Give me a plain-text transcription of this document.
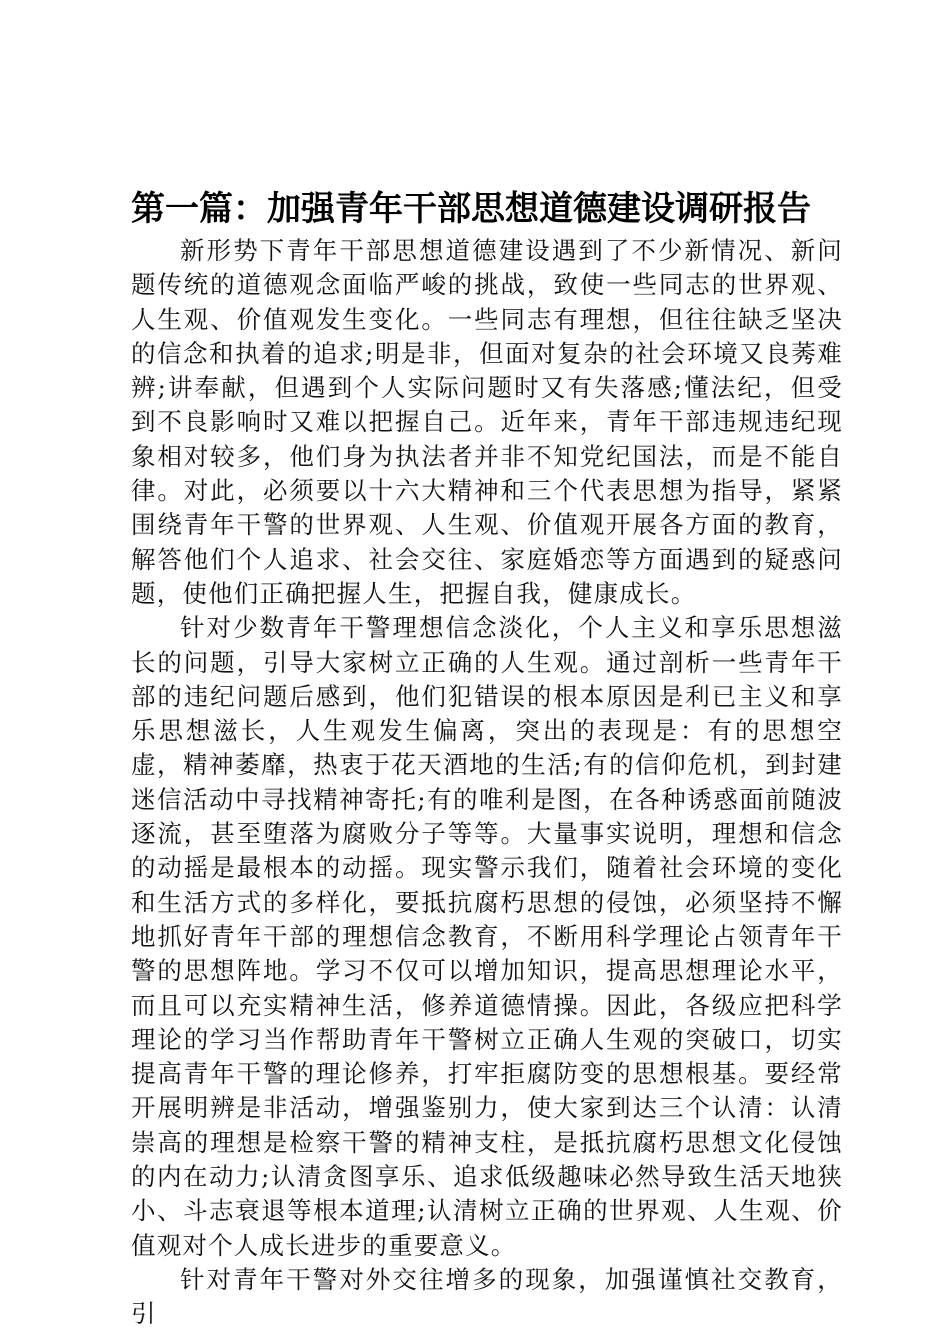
第一篇：加强青年干部思想道德建设调研报告

新形势下青年干部思想道德建设遇到了不少新情况、新问题传统的道德观念面临严峻的挑战，致使一些同志的世界观、人生观、价值观发生变化。一些同志有理想，但往往缺乏坚决的信念和执着的追求;明是非，但面对复杂的社会环境又良莠难辨;讲奉献，但遇到个人实际问题时又有失落感;懂法纪，但受到不良影响时又难以把握自己。近年来，青年干部违规违纪现象相对较多，他们身为执法者并非不知党纪国法，而是不能自律。对此，必须要以十六大精神和三个代表思想为指导，紧紧围绕青年干警的世界观、人生观、价值观开展各方面的教育，解答他们个人追求、社会交往、家庭婚恋等方面遇到的疑惑问题，使他们正确把握人生，把握自我，健康成长。

针对少数青年干警理想信念淡化，个人主义和享乐思想滋长的问题，引导大家树立正确的人生观。通过剖析一些青年干部的违纪问题后感到，他们犯错误的根本原因是利已主义和享乐思想滋长，人生观发生偏离，突出的表现是：有的思想空虚，精神萎靡，热衷于花天酒地的生活;有的信仰危机，到封建迷信活动中寻找精神寄托;有的唯利是图，在各种诱惑面前随波逐流，甚至堕落为腐败分子等等。大量事实说明，理想和信念的动摇是最根本的动摇。现实警示我们，随着社会环境的变化和生活方式的多样化，要抵抗腐朽思想的侵蚀，必须坚持不懈地抓好青年干部的理想信念教育，不断用科学理论占领青年干警的思想阵地。学习不仅可以增加知识，提高思想理论水平，而且可以充实精神生活，修养道德情操。因此，各级应把科学理论的学习当作帮助青年干警树立正确人生观的突破口，切实提高青年干警的理论修养，打牢拒腐防变的思想根基。要经常开展明辨是非活动，增强鉴别力，使大家到达三个认清：认清崇高的理想是检察干警的精神支柱，是抵抗腐朽思想文化侵蚀的内在动力;认清贪图享乐、追求低级趣味必然导致生活天地狭小、斗志衰退等根本道理;认清树立正确的世界观、人生观、价值观对个人成长进步的重要意义。

针对青年干警对外交往增多的现象，加强谨慎社交教育，引
